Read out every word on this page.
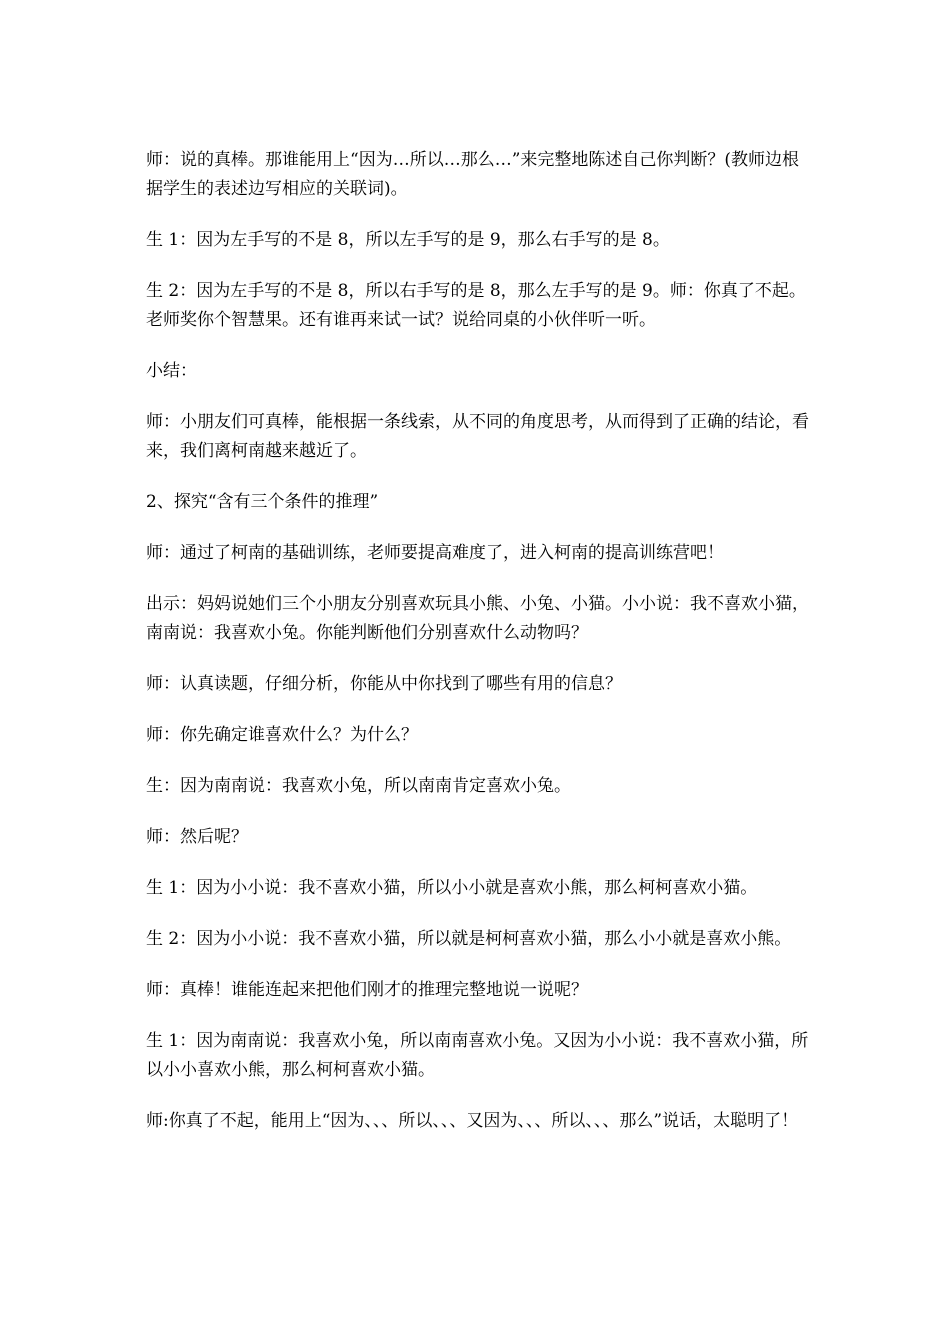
师：说的真棒。那谁能用上“因为…所以…那么…”来完整地陈述自己你判断？(教师边根据学生的表述边写相应的关联词)。

生 1：因为左手写的不是 8，所以左手写的是 9，那么右手写的是 8。

生 2：因为左手写的不是 8，所以右手写的是 8，那么左手写的是 9。师：你真了不起。老师奖你个智慧果。还有谁再来试一试？说给同桌的小伙伴听一听。

小结：

师：小朋友们可真棒，能根据一条线索，从不同的角度思考，从而得到了正确的结论，看来，我们离柯南越来越近了。

2、探究“含有三个条件的推理”

师：通过了柯南的基础训练，老师要提高难度了，进入柯南的提高训练营吧！

出示：妈妈说她们三个小朋友分别喜欢玩具小熊、小兔、小猫。小小说：我不喜欢小猫，南南说：我喜欢小兔。你能判断他们分别喜欢什么动物吗？

师：认真读题，仔细分析，你能从中你找到了哪些有用的信息？

师：你先确定谁喜欢什么？为什么？

生：因为南南说：我喜欢小兔，所以南南肯定喜欢小兔。

师：然后呢？

生 1：因为小小说：我不喜欢小猫，所以小小就是喜欢小熊，那么柯柯喜欢小猫。

生 2：因为小小说：我不喜欢小猫，所以就是柯柯喜欢小猫，那么小小就是喜欢小熊。

师：真棒！谁能连起来把他们刚才的推理完整地说一说呢？

生 1：因为南南说：我喜欢小兔，所以南南喜欢小兔。又因为小小说：我不喜欢小猫，所以小小喜欢小熊，那么柯柯喜欢小猫。

师:你真了不起，能用上“因为、、、所以、、、又因为、、、所以、、、那么”说话，太聪明了！
